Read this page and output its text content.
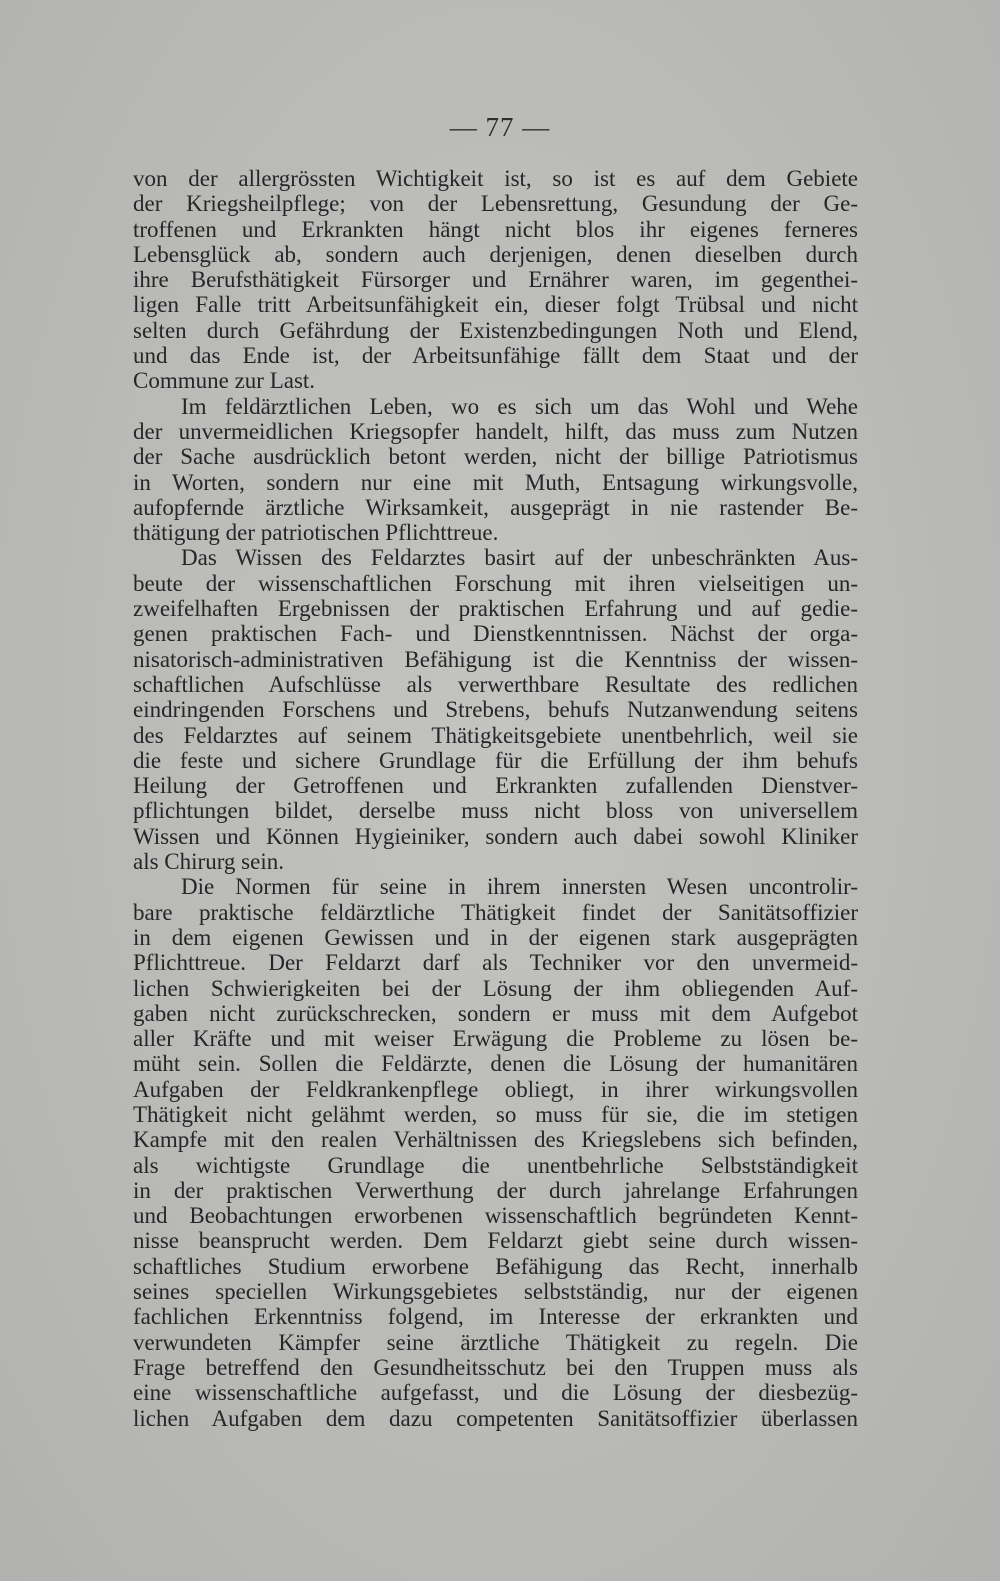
— 77 —
von der allergrössten Wichtigkeit ist, so ist es auf dem Gebiete
der Kriegsheilpflege; von der Lebensrettung, Gesundung der Ge-
troffenen und Erkrankten hängt nicht blos ihr eigenes ferneres
Lebensglück ab, sondern auch derjenigen, denen dieselben durch
ihre Berufsthätigkeit Fürsorger und Ernährer waren, im gegenthei-
ligen Falle tritt Arbeitsunfähigkeit ein, dieser folgt Trübsal und nicht
selten durch Gefährdung der Existenzbedingungen Noth und Elend,
und das Ende ist, der Arbeitsunfähige fällt dem Staat und der
Commune zur Last.
Im feldärztlichen Leben, wo es sich um das Wohl und Wehe
der unvermeidlichen Kriegsopfer handelt, hilft, das muss zum Nutzen
der Sache ausdrücklich betont werden, nicht der billige Patriotismus
in Worten, sondern nur eine mit Muth, Entsagung wirkungsvolle,
aufopfernde ärztliche Wirksamkeit, ausgeprägt in nie rastender Be-
thätigung der patriotischen Pflichttreue.
Das Wissen des Feldarztes basirt auf der unbeschränkten Aus-
beute der wissenschaftlichen Forschung mit ihren vielseitigen un-
zweifelhaften Ergebnissen der praktischen Erfahrung und auf gedie-
genen praktischen Fach- und Dienstkenntnissen. Nächst der orga-
nisatorisch-administrativen Befähigung ist die Kenntniss der wissen-
schaftlichen Aufschlüsse als verwerthbare Resultate des redlichen
eindringenden Forschens und Strebens, behufs Nutzanwendung seitens
des Feldarztes auf seinem Thätigkeitsgebiete unentbehrlich, weil sie
die feste und sichere Grundlage für die Erfüllung der ihm behufs
Heilung der Getroffenen und Erkrankten zufallenden Dienstver-
pflichtungen bildet, derselbe muss nicht bloss von universellem
Wissen und Können Hygieiniker, sondern auch dabei sowohl Kliniker
als Chirurg sein.
Die Normen für seine in ihrem innersten Wesen uncontrolir-
bare praktische feldärztliche Thätigkeit findet der Sanitätsoffizier
in dem eigenen Gewissen und in der eigenen stark ausgeprägten
Pflichttreue. Der Feldarzt darf als Techniker vor den unvermeid-
lichen Schwierigkeiten bei der Lösung der ihm obliegenden Auf-
gaben nicht zurückschrecken, sondern er muss mit dem Aufgebot
aller Kräfte und mit weiser Erwägung die Probleme zu lösen be-
müht sein. Sollen die Feldärzte, denen die Lösung der humanitären
Aufgaben der Feldkrankenpflege obliegt, in ihrer wirkungsvollen
Thätigkeit nicht gelähmt werden, so muss für sie, die im stetigen
Kampfe mit den realen Verhältnissen des Kriegslebens sich befinden,
als wichtigste Grundlage die unentbehrliche Selbstständigkeit
in der praktischen Verwerthung der durch jahrelange Erfahrungen
und Beobachtungen erworbenen wissenschaftlich begründeten Kennt-
nisse beansprucht werden. Dem Feldarzt giebt seine durch wissen-
schaftliches Studium erworbene Befähigung das Recht, innerhalb
seines speciellen Wirkungsgebietes selbstständig, nur der eigenen
fachlichen Erkenntniss folgend, im Interesse der erkrankten und
verwundeten Kämpfer seine ärztliche Thätigkeit zu regeln. Die
Frage betreffend den Gesundheitsschutz bei den Truppen muss als
eine wissenschaftliche aufgefasst, und die Lösung der diesbezüg-
lichen Aufgaben dem dazu competenten Sanitätsoffizier überlassen
